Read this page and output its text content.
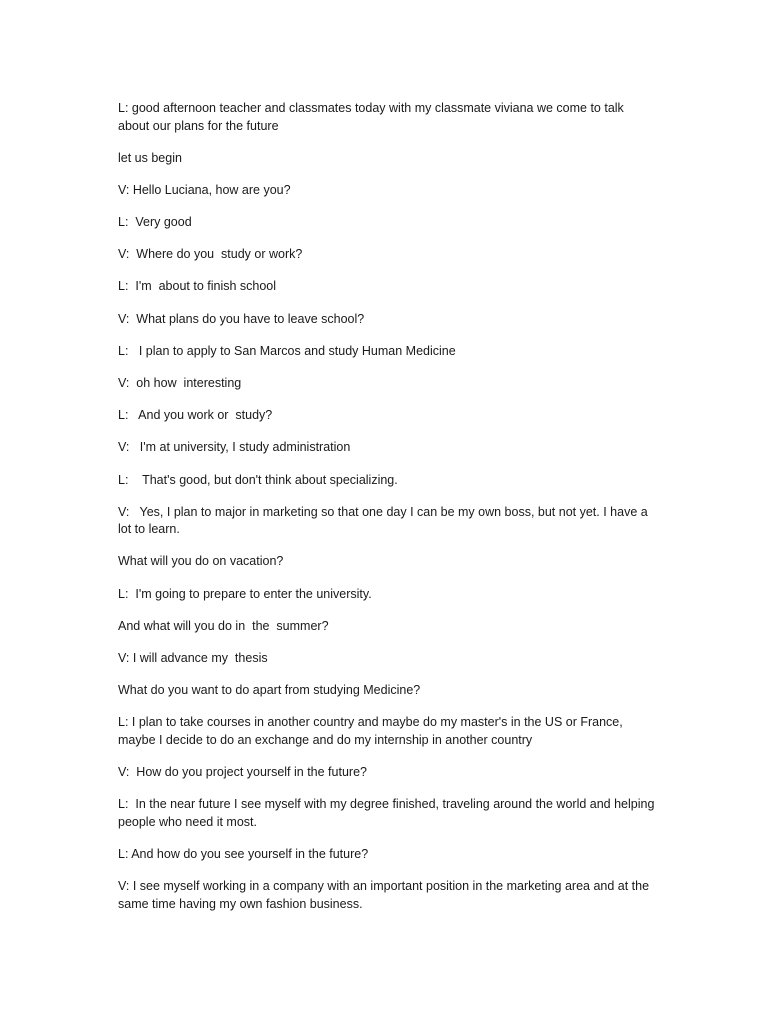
L: good afternoon teacher and classmates today with my classmate viviana we come to talk about our plans for the future

let us begin

V: Hello Luciana, how are you?

L:  Very good

V:  Where do you  study or work?

L:  I'm  about to finish school

V:  What plans do you have to leave school?

L:   I plan to apply to San Marcos and study Human Medicine

V:  oh how  interesting

L:   And you work or  study?

V:   I'm at university, I study administration

L:    That's good, but don't think about specializing.

V:   Yes, I plan to major in marketing so that one day I can be my own boss, but not yet. I have a lot to learn.

What will you do on vacation?

L:  I'm going to prepare to enter the university.

And what will you do in  the  summer?

V: I will advance my  thesis

What do you want to do apart from studying Medicine?

L: I plan to take courses in another country and maybe do my master's in the US or France, maybe I decide to do an exchange and do my internship in another country

V:  How do you project yourself in the future?

L:  In the near future I see myself with my degree finished, traveling around the world and helping people who need it most.

L: And how do you see yourself in the future?

V: I see myself working in a company with an important position in the marketing area and at the same time having my own fashion business.
